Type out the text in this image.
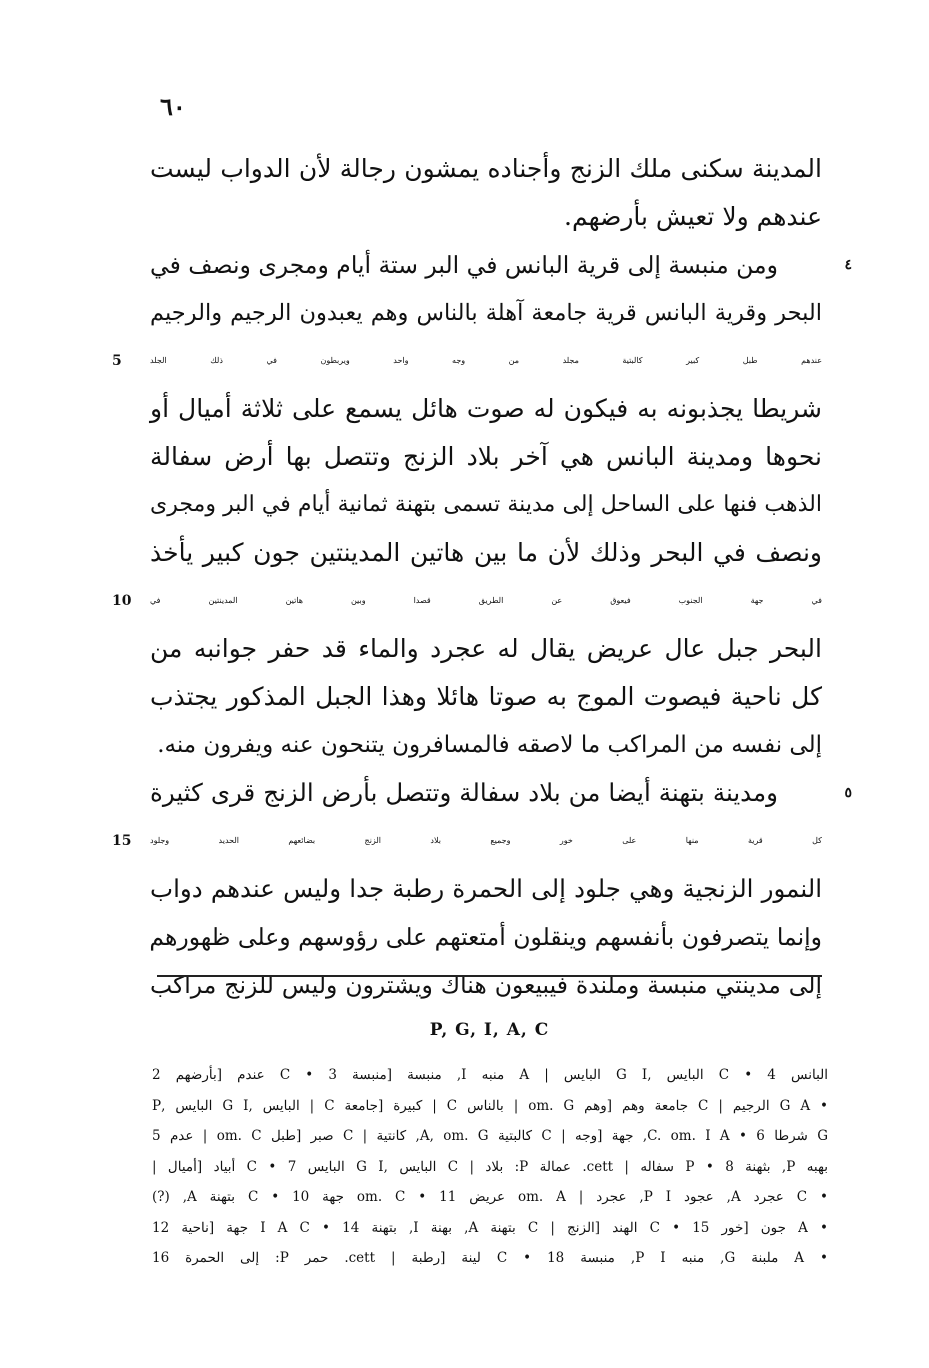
٦٠
المدينة سكنى ملك الزنج وأجناده يمشون رجالة لأن الدواب ليست
عندهم ولا تعيش بأرضهم.
ومن منبسة إلى قرية البانس في البر ستة أيام ومجرى ونصف في	٤
البحر وقرية البانس قرية جامعة آهلة بالناس وهم يعبدون الرجيم والرجيم
عندهم طبل كبير كالبتية مجلد من وجه واحد ويربطون في ذلك الجلد
5
شريطا يجذبونه به فيكون له صوت هائل يسمع على ثلاثة أميال أو
نحوها ومدينة البانس هي آخر بلاد الزنج وتتصل بها أرض سفالة
الذهب فنها على الساحل إلى مدينة تسمى بتهنة ثمانية أيام في البر ومجرى
ونصف في البحر وذلك لأن ما بين هاتين المدينتين جون كبير يأخذ
في جهة الجنوب فيعوق عن الطريق قصدا وبين هاتين المدينتين في
10
البحر جبل عال عريض يقال له عجرد والماء قد حفر جوانبه من
كل ناحية فيصوت الموج به صوتا هائلا وهذا الجبل المذكور يجتذب
إلى نفسه من المراكب ما لاصقه فالمسافرون يتنحون عنه ويفرون منه.
ومدينة بتهنة أيضا من بلاد سفالة وتتصل بأرض الزنج قرى كثيرة	٥
كل قرية منها على خور وجميع بلاد الزنج بضائعهم الحديد وجلود
15
النمور الزنجية وهي جلود إلى الحمرة رطبة جدا وليس عندهم دواب
وإنما يتصرفون بأنفسهم وينقلون أمتعتهم على رؤوسهم وعلى ظهورهم
إلى مدينتي منبسة وملندة فيبيعون هناك ويشترون وليس للزنج مراكب
P, G, I, A, C
البانس C • 4 البايس ,G I البايس | A منبه I, منبسة [منبسة 3 • C عندم [بأرضهم 2
• G A الرجيم | C جامعة وهم [وهم om. G | بالناس C | كبيرة [جامعة C | البايس ,G I البايس ,P
G شرطا 6 • C. om. I A, جهة [وجه | C كالبتية A, om. G, كانتية | C صبر [طبل om. C | عدم 5
بهبه P, بثهنة 8 • P سفاله | cett. عمالة P: بلاد | C البايس ,G I البايس 7 • C أبياد [أميال |
• C عجرد A, عجود P I, عجرد | om. A عريض 11 • om. C جهة 10 • C بتهنة A, (?)
• A جون [خور 15 • C الهند [الزنج | C بتهنة A, بهنة I, بتهنة 14 • I A C جهة [ناحية 12
• A ملبنة G, منبه P I, منبسة 18 • C لينة [رطبة | cett. حمر P: إلى الحمرة 16
